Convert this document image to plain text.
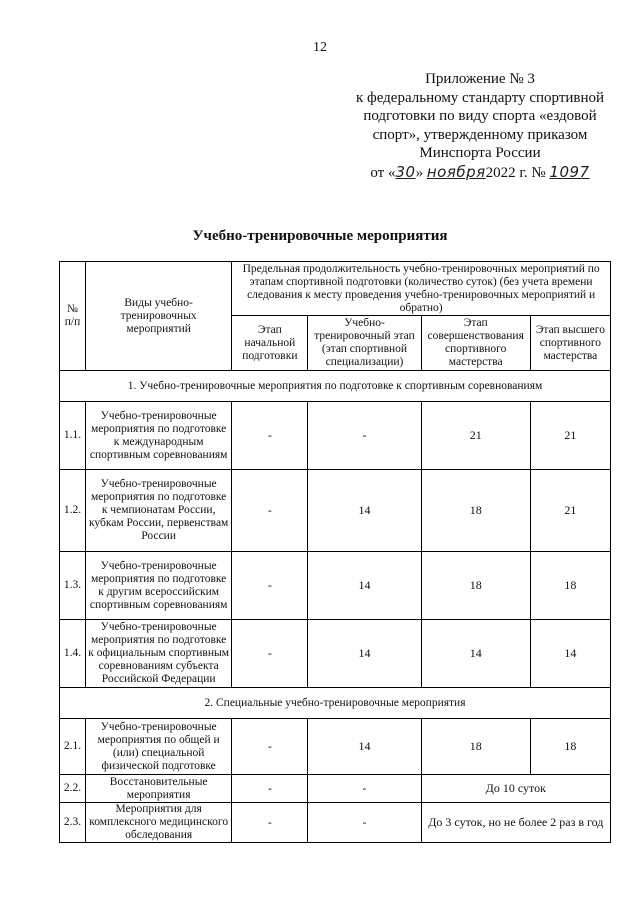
12
Приложение № 3
к федеральному стандарту спортивной
подготовки по виду спорта «ездовой
спорт», утвержденному приказом
Минспорта России
от «30» ноября2022 г. № 1097
Учебно-тренировочные мероприятия
№ п/п	Виды учебно-тренировочных мероприятий	Предельная продолжительность учебно-тренировочных мероприятий по этапам спортивной подготовки (количество суток) (без учета времени следования к месту проведения учебно-тренировочных мероприятий и обратно)			
		Этап начальной подготовки	Учебно-тренировочный этап (этап спортивной специализации)	Этап совершенствования спортивного мастерства	Этап высшего спортивного мастерства
1. Учебно-тренировочные мероприятия по подготовке к спортивным соревнованиям					
1.1.	Учебно-тренировочные мероприятия по подготовке к международным спортивным соревнованиям	-	-	21	21
1.2.	Учебно-тренировочные мероприятия по подготовке к чемпионатам России, кубкам России, первенствам России	-	14	18	21
1.3.	Учебно-тренировочные мероприятия по подготовке к другим всероссийским спортивным соревнованиям	-	14	18	18
1.4.	Учебно-тренировочные мероприятия по подготовке к официальным спортивным соревнованиям субъекта Российской Федерации	-	14	14	14
2. Специальные учебно-тренировочные мероприятия					
2.1.	Учебно-тренировочные мероприятия по общей и (или) специальной физической подготовке	-	14	18	18
2.2.	Восстановительные мероприятия	-	-	До 10 суток	
2.3.	Мероприятия для комплексного медицинского обследования	-	-	До 3 суток, но не более 2 раз в год	
